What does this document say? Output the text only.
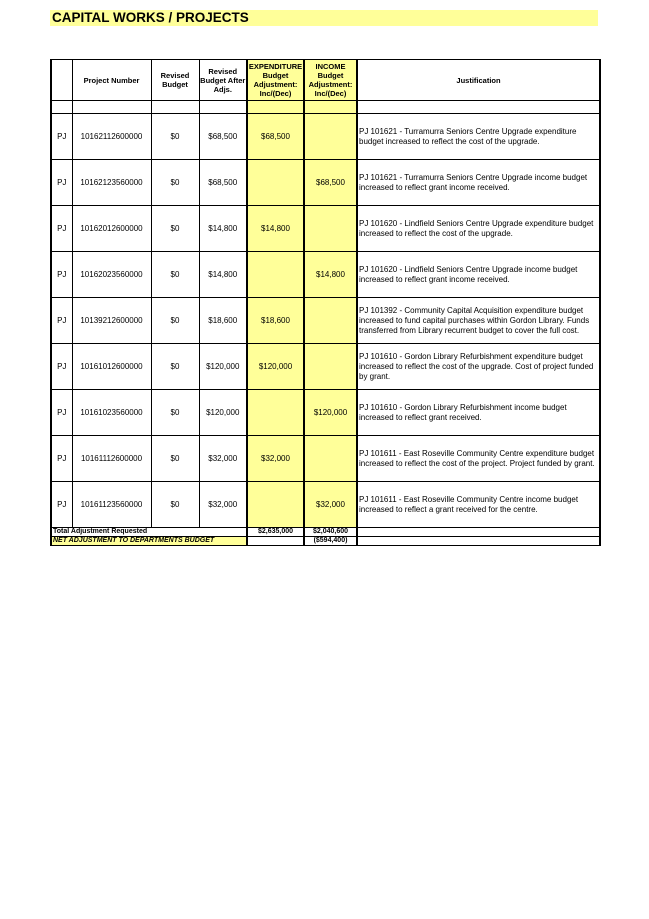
CAPITAL WORKS / PROJECTS
	Project Number	Revised Budget	Revised Budget After Adjs.	EXPENDITURE Budget Adjustment: Inc/(Dec)	INCOME Budget Adjustment: Inc/(Dec)	Justification

PJ	10162112600000	$0	$68,500	$68,500		PJ 101621 - Turramurra Seniors Centre Upgrade expenditure budget increased to reflect the cost of the upgrade.
PJ	10162123560000	$0	$68,500		$68,500	PJ 101621 - Turramurra Seniors Centre Upgrade income budget increased to reflect grant income received.
PJ	10162012600000	$0	$14,800	$14,800		PJ 101620 - Lindfield Seniors Centre Upgrade expenditure budget increased to reflect the cost of the upgrade.
PJ	10162023560000	$0	$14,800		$14,800	PJ 101620 - Lindfield Seniors Centre Upgrade income budget increased to reflect grant income received.
PJ	10139212600000	$0	$18,600	$18,600		PJ 101392 - Community Capital Acquisition expenditure budget increased to fund capital purchases within Gordon Library. Funds transferred from Library recurrent budget to cover the full cost.
PJ	10161012600000	$0	$120,000	$120,000		PJ 101610 - Gordon Library Refurbishment expenditure budget increased to reflect the cost of the upgrade. Cost of project funded by grant.
PJ	10161023560000	$0	$120,000		$120,000	PJ 101610 - Gordon Library Refurbishment income budget increased to reflect grant received.
PJ	10161112600000	$0	$32,000	$32,000		PJ 101611 - East Roseville Community Centre expenditure budget increased to reflect the cost of the project. Project funded by grant.
PJ	10161123560000	$0	$32,000		$32,000	PJ 101611 - East Roseville Community Centre income budget increased to reflect a grant received for the centre.
Total Adjustment Requested				$2,635,000	$2,040,600	
NET ADJUSTMENT TO DEPARTMENTS BUDGET					($594,400)	
